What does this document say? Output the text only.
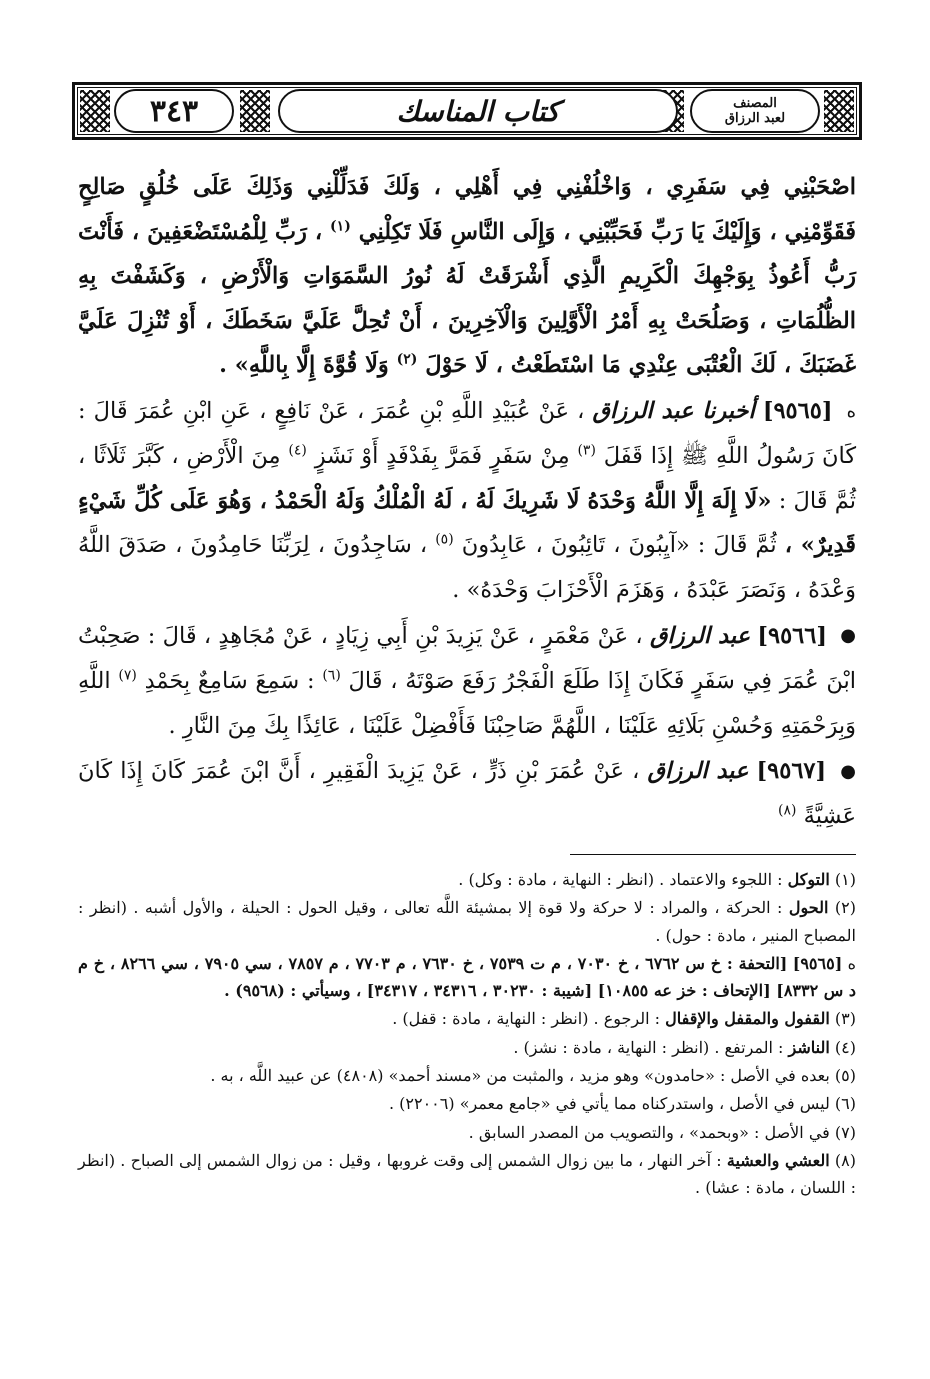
٣٤٣	كتاب المناسك	المصنف
لعبد الرزاق
اصْحَبْنِي فِي سَفَرِي ، وَاخْلُفْنِي فِي أَهْلِي ، وَلَكَ فَدَلِّلْنِي وَذَلِكَ عَلَى خُلُقٍ صَالِحٍ فَقَوِّمْنِي ، وَإِلَيْكَ يَا رَبِّ فَحَبِّبْنِي ، وَإِلَى النَّاسِ فَلَا تَكِلْنِي $^{(١)}$ ، رَبِّ لِلْمُسْتَضْعَفِينَ ، فَأَنْتَ رَبُّ أَعُوذُ بِوَجْهِكَ الْكَرِيمِ الَّذِي أَشْرَقَتْ لَهُ نُورُ السَّمَوَاتِ وَالْأَرْضِ ، وَكَشَفْتَ بِهِ الظُّلُمَاتِ ، وَصَلُحَتْ بِهِ أَمْرُ الْأَوَّلِينَ وَالْآخِرِينَ ، أَنْ تُحِلَّ عَلَيَّ سَخَطَكَ ، أَوْ تُنْزِلَ عَلَيَّ غَضَبَكَ ، لَكَ الْعُتْبَى عِنْدِي مَا اسْتَطَعْتُ ، لَا حَوْلَ $^{(٢)}$ وَلَا قُوَّةَ إِلَّا بِاللَّهِ» .
ه [٩٥٦٥] أخبرنا عبد الرزاق ، عَنْ عُبَيْدِ اللَّهِ بْنِ عُمَرَ ، عَنْ نَافِعٍ ، عَنِ ابْنِ عُمَرَ قَالَ : كَانَ رَسُولُ اللَّهِ ﷺ إِذَا قَفَلَ $^{(٣)}$ مِنْ سَفَرٍ فَمَرَّ بِفَدْفَدٍ أَوْ نَشَزٍ $^{(٤)}$ مِنَ الْأَرْضِ ، كَبَّرَ ثَلَاثًا ، ثُمَّ قَالَ : «لَا إِلَهَ إِلَّا اللَّهُ وَحْدَهُ لَا شَرِيكَ لَهُ ، لَهُ الْمُلْكُ وَلَهُ الْحَمْدُ ، وَهُوَ عَلَى كُلِّ شَيْءٍ قَدِيرٌ» ، ثُمَّ قَالَ : «آيِبُونَ ، تَائِبُونَ ، عَابِدُونَ $^{(٥)}$ ، سَاجِدُونَ ، لِرَبِّنَا حَامِدُونَ ، صَدَقَ اللَّهُ وَعْدَهُ ، وَنَصَرَ عَبْدَهُ ، وَهَزَمَ الْأَحْزَابَ وَحْدَهُ» .
● [٩٥٦٦] عبد الرزاق ، عَنْ مَعْمَرٍ ، عَنْ يَزِيدَ بْنِ أَبِي زِيَادٍ ، عَنْ مُجَاهِدٍ ، قَالَ : صَحِبْتُ ابْنَ عُمَرَ فِي سَفَرٍ فَكَانَ إِذَا طَلَعَ الْفَجْرُ رَفَعَ صَوْتَهُ ، قَالَ $^{(٦)}$ : سَمِعَ سَامِعٌ بِحَمْدِ $^{(٧)}$ اللَّهِ وَبِرَحْمَتِهِ وَحُسْنِ بَلَائِهِ عَلَيْنَا ، اللَّهُمَّ صَاحِبْنَا فَأَفْضِلْ عَلَيْنَا ، عَائِذًا بِكَ مِنَ النَّارِ .
● [٩٥٦٧] عبد الرزاق ، عَنْ عُمَرَ بْنِ ذَرٍّ ، عَنْ يَزِيدَ الْفَقِيرِ ، أَنَّ ابْنَ عُمَرَ كَانَ إِذَا كَانَ عَشِيَّةً $^{(٨)}$

(١) التوكل : اللجوء والاعتماد . (انظر : النهاية ، مادة : وكل) .

(٢) الحول : الحركة ، والمراد : لا حركة ولا قوة إلا بمشيئة اللَّه تعالى ، وقيل الحول : الحيلة ، والأول أشبه . (انظر : المصباح المنير ، مادة : حول) .

ه [٩٥٦٥] [التحفة : خ س ٦٧٦٢ ، خ ٧٠٣٠ ، م ت ٧٥٣٩ ، خ ٧٦٣٠ ، م ٧٧٠٣ ، م ٧٨٥٧ ، سي ٧٩٠٥ ، سي ٨٢٦٦ ، خ م د س ٨٣٣٢] [الإتحاف : خز عه ١٠٨٥٥] [شيبة : ٣٠٢٣٠ ، ٣٤٣١٦ ، ٣٤٣١٧] ، وسيأتي : (٩٥٦٨) .

(٣) القفول والمقفل والإقفال : الرجوع . (انظر : النهاية ، مادة : قفل) .

(٤) الناشز : المرتفع . (انظر : النهاية ، مادة : نشز) .

(٥) بعده في الأصل : «حامدون» وهو مزيد ، والمثبت من «مسند أحمد» (٤٨٠٨) عن عبيد اللَّه ، به .

(٦) ليس في الأصل ، واستدركناه مما يأتي في «جامع معمر» (٢٢٠٠٦) .

(٧) في الأصل : «وبحمد» ، والتصويب من المصدر السابق .

(٨) العشي والعشية : آخر النهار ، ما بين زوال الشمس إلى وقت غروبها ، وقيل : من زوال الشمس إلى الصباح . (انظر : اللسان ، مادة : عشا) .
